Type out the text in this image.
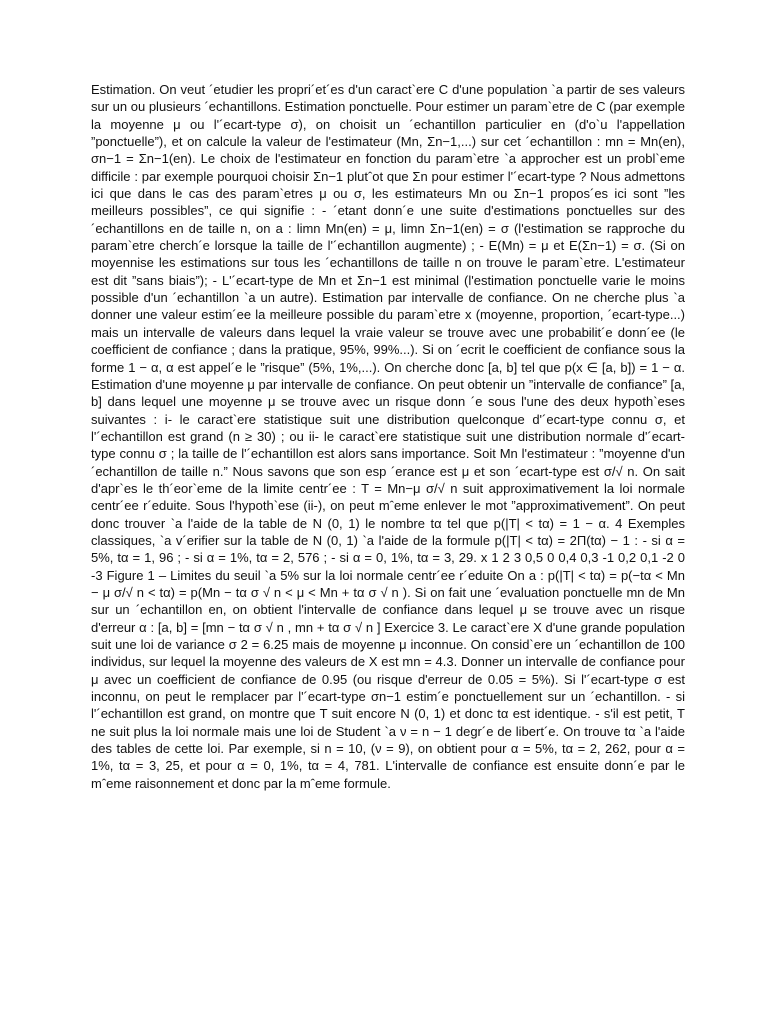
Estimation. On veut ´etudier les propri´et´es d'un caract`ere C d'une population `a partir de ses valeurs sur un ou plusieurs ´echantillons. Estimation ponctuelle. Pour estimer un param`etre de C (par exemple la moyenne μ ou l'´ecart-type σ), on choisit un ´echantillon particulier en (d'o`u l'appellation ”ponctuelle”), et on calcule la valeur de l'estimateur (Mn, Σn−1,...) sur cet ´echantillon : mn = Mn(en), σn−1 = Σn−1(en). Le choix de l'estimateur en fonction du param`etre `a approcher est un probl`eme difficile : par exemple pourquoi choisir Σn−1 plutˆot que Σn pour estimer l'´ecart-type ? Nous admettons ici que dans le cas des param`etres μ ou σ, les estimateurs Mn ou Σn−1 propos´es ici sont ”les meilleurs possibles”, ce qui signifie : - ´etant donn´e une suite d'estimations ponctuelles sur des ´echantillons en de taille n, on a : limn Mn(en) = μ, limn Σn−1(en) = σ (l'estimation se rapproche du param`etre cherch´e lorsque la taille de l'´echantillon augmente) ; - E(Mn) = μ et E(Σn−1) = σ. (Si on moyennise les estimations sur tous les ´echantillons de taille n on trouve le param`etre. L'estimateur est dit ”sans biais”); - L'´ecart-type de Mn et Σn−1 est minimal (l'estimation ponctuelle varie le moins possible d'un ´echantillon `a un autre). Estimation par intervalle de confiance. On ne cherche plus `a donner une valeur estim´ee la meilleure possible du param`etre x (moyenne, proportion, ´ecart-type...) mais un intervalle de valeurs dans lequel la vraie valeur se trouve avec une probabilit´e donn´ee (le coefficient de confiance ; dans la pratique, 95%, 99%...). Si on ´ecrit le coefficient de confiance sous la forme 1 − α, α est appel´e le ”risque” (5%, 1%,...). On cherche donc [a, b] tel que p(x ∈ [a, b]) = 1 − α. Estimation d'une moyenne μ par intervalle de confiance. On peut obtenir un ”intervalle de confiance” [a, b] dans lequel une moyenne μ se trouve avec un risque donn ´e sous l'une des deux hypoth`eses suivantes : i- le caract`ere statistique suit une distribution quelconque d'´ecart-type connu σ, et l'´echantillon est grand (n ≥ 30) ; ou ii- le caract`ere statistique suit une distribution normale d'´ecart-type connu σ ; la taille de l'´echantillon est alors sans importance. Soit Mn l'estimateur : ”moyenne d'un ´echantillon de taille n.” Nous savons que son esp ´erance est μ et son ´ecart-type est σ/√ n. On sait d'apr`es le th´eor`eme de la limite centr´ee : T = Mn−μ σ/√ n suit approximativement la loi normale centr´ee r´eduite. Sous l'hypoth`ese (ii-), on peut mˆeme enlever le mot ”approximativement”. On peut donc trouver `a l'aide de la table de N (0, 1) le nombre tα tel que p(|T| < tα) = 1 − α. 4 Exemples classiques, `a v´erifier sur la table de N (0, 1) `a l'aide de la formule p(|T| < tα) = 2Π(tα) − 1 : - si α = 5%, tα = 1, 96 ; - si α = 1%, tα = 2, 576 ; - si α = 0, 1%, tα = 3, 29. x 1 2 3 0,5 0 0,4 0,3 -1 0,2 0,1 -2 0 -3 Figure 1 – Limites du seuil `a 5% sur la loi normale centr´ee r´eduite On a : p(|T| < tα) = p(−tα < Mn − μ σ/√ n < tα) = p(Mn − tα σ √ n < μ < Mn + tα σ √ n ). Si on fait une ´evaluation ponctuelle mn de Mn sur un ´echantillon en, on obtient l'intervalle de confiance dans lequel μ se trouve avec un risque d'erreur α : [a, b] = [mn − tα σ √ n , mn + tα σ √ n ] Exercice 3. Le caract`ere X d'une grande population suit une loi de variance σ 2 = 6.25 mais de moyenne μ inconnue. On consid`ere un ´echantillon de 100 individus, sur lequel la moyenne des valeurs de X est mn = 4.3. Donner un intervalle de confiance pour μ avec un coefficient de confiance de 0.95 (ou risque d'erreur de 0.05 = 5%). Si l'´ecart-type σ est inconnu, on peut le remplacer par l'´ecart-type σn−1 estim´e ponctuellement sur un ´echantillon. - si l'´echantillon est grand, on montre que T suit encore N (0, 1) et donc tα est identique. - s'il est petit, T ne suit plus la loi normale mais une loi de Student `a ν = n − 1 degr´e de libert´e. On trouve tα `a l'aide des tables de cette loi. Par exemple, si n = 10, (ν = 9), on obtient pour α = 5%, tα = 2, 262, pour α = 1%, tα = 3, 25, et pour α = 0, 1%, tα = 4, 781. L'intervalle de confiance est ensuite donn´e par le mˆeme raisonnement et donc par la mˆeme formule.
